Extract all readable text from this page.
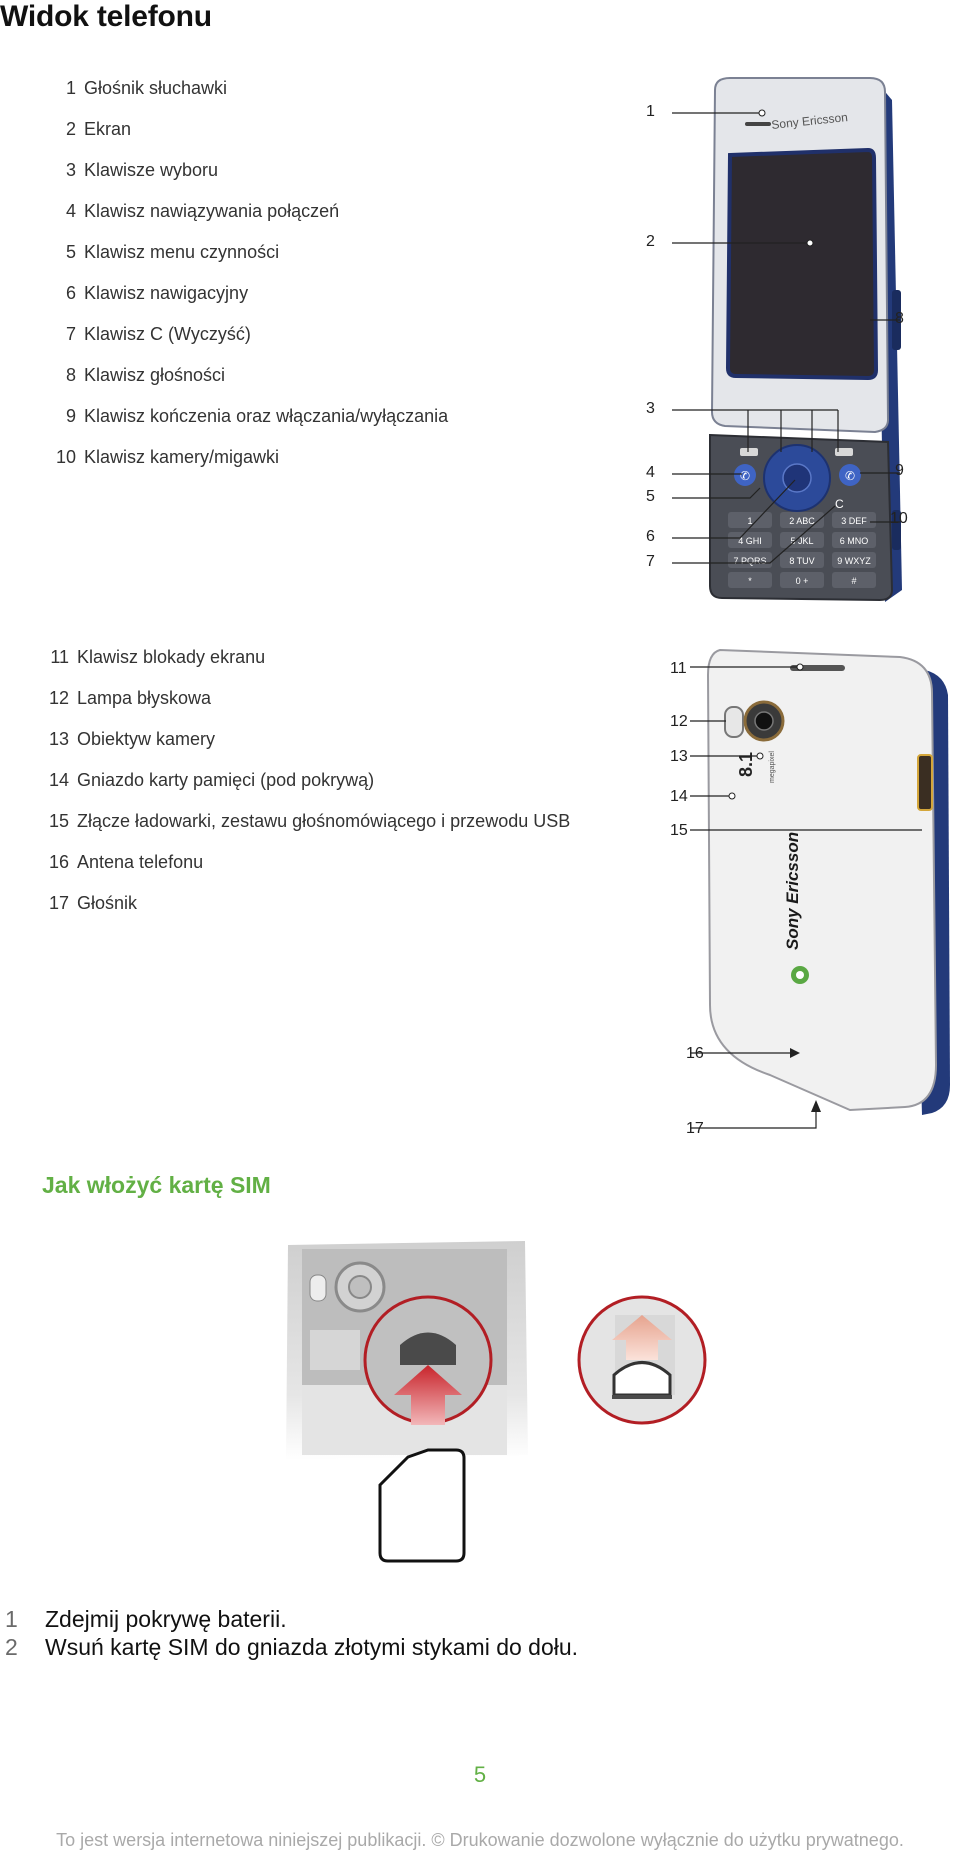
Widok telefonu
1 Głośnik słuchawki
2 Ekran
3 Klawisze wyboru
4 Klawisz nawiązywania połączeń
5 Klawisz menu czynności
6 Klawisz nawigacyjny
7 Klawisz C (Wyczyść)
8 Klawisz głośności
9 Klawisz kończenia oraz włączania/wyłączania
10 Klawisz kamery/migawki
Sony Ericsson
✆	✆
C
1	2 ABC	3 DEF
4 GHI	5 JKL	6 MNO
7 PQRS	8 TUV	9 WXYZ
*	0 +	#
1
2
3
4
5
6
7
8
9
10
11 Klawisz blokady ekranu
12 Lampa błyskowa
13 Obiektyw kamery
14 Gniazdo karty pamięci (pod pokrywą)
15 Złącze ładowarki, zestawu głośnomówiącego i przewodu USB
16 Antena telefonu
17 Głośnik
8.1 megapixel
Sony Ericsson
11
12
13
14
15
16
17
Jak włożyć kartę SIM
1 Zdejmij pokrywę baterii.
2 Wsuń kartę SIM do gniazda złotymi stykami do dołu.
5
To jest wersja internetowa niniejszej publikacji. © Drukowanie dozwolone wyłącznie do użytku prywatnego.
